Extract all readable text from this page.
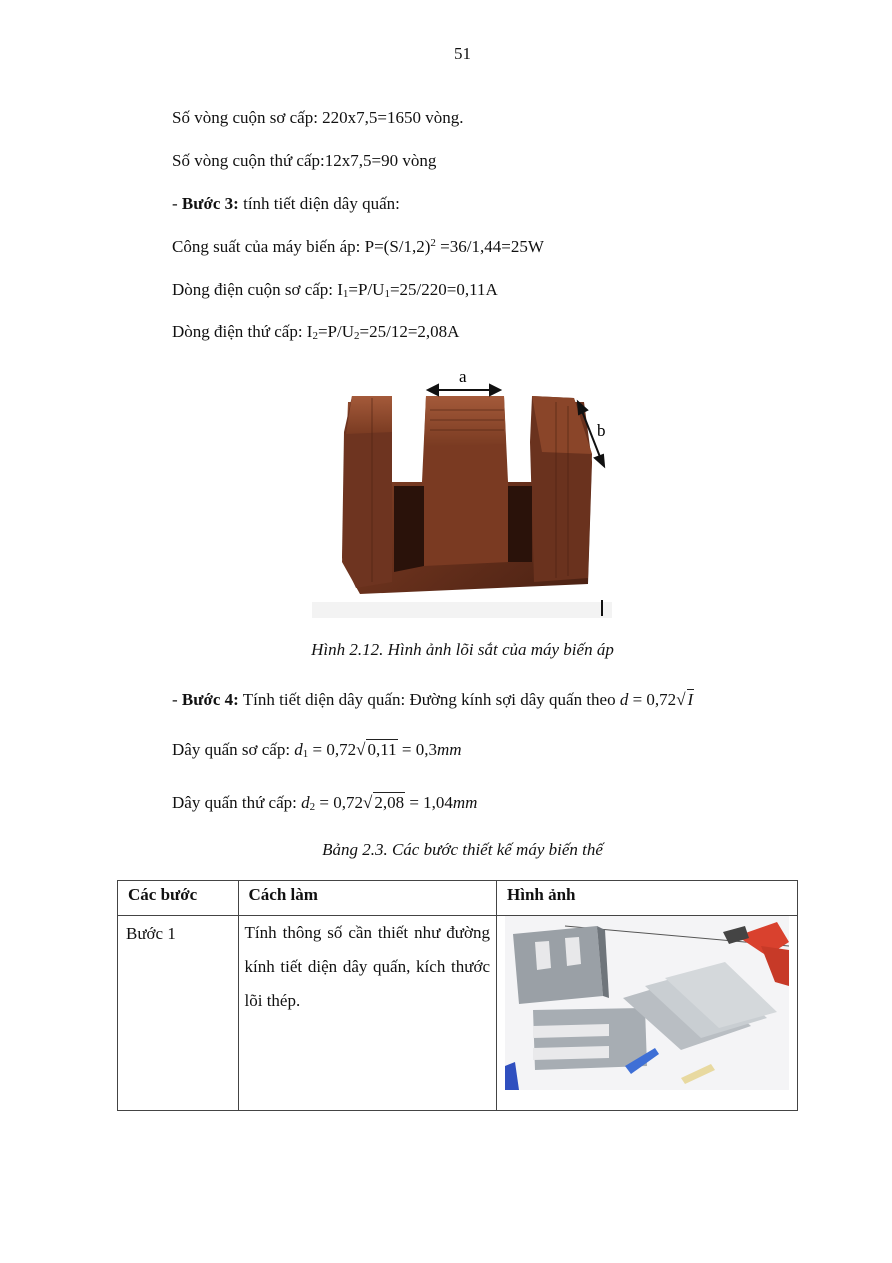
51
Số vòng cuộn sơ cấp: 220x7,5=1650 vòng.
Số vòng cuộn thứ cấp:12x7,5=90 vòng
- Bước 3: tính tiết diện dây quấn:
Công suất của máy biến áp: $P=(S/1,2)^2 =36/1,44=25W$
Dòng điện cuộn sơ cấp: $I_1=P/U_1=25/220=0,11A$
Dòng điện thứ cấp: $I_2=P/U_2=25/12=2,08A$
a
b
Hình 2.12. Hình ảnh lõi sắt của máy biến áp
- Bước 4: Tính tiết diện dây quấn: Đường kính sợi dây quấn theo d = 0,72√ I
Dây quấn sơ cấp: $d_1 = 0,72√$ 0,11 = 0,3mm
Dây quấn thứ cấp: $d_2 = 0,72√$ 2,08 = 1,04mm
Bảng 2.3. Các bước thiết kế máy biến thế
Các bước	Cách làm	Hình ảnh
Bước 1	Tính thông số cần thiết như đường kính tiết diện dây quấn, kích thước lõi thép.	
